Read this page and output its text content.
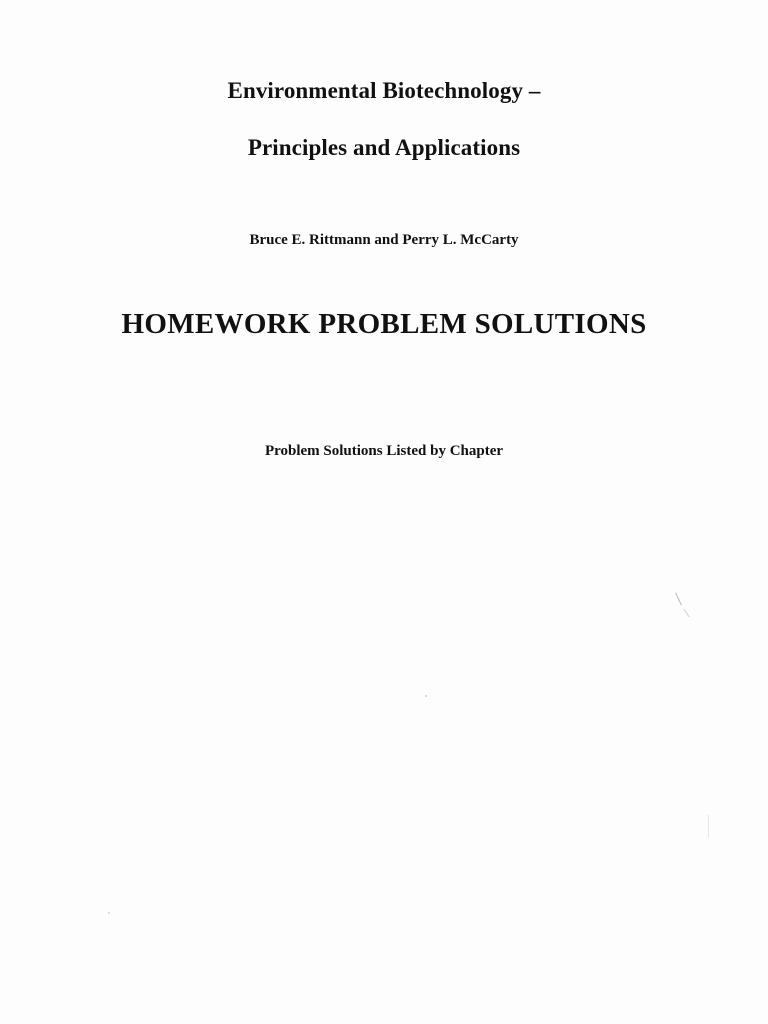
Environmental Biotechnology –
Principles and Applications
Bruce E. Rittmann and Perry L. McCarty
HOMEWORK PROBLEM SOLUTIONS
Problem Solutions Listed by Chapter
